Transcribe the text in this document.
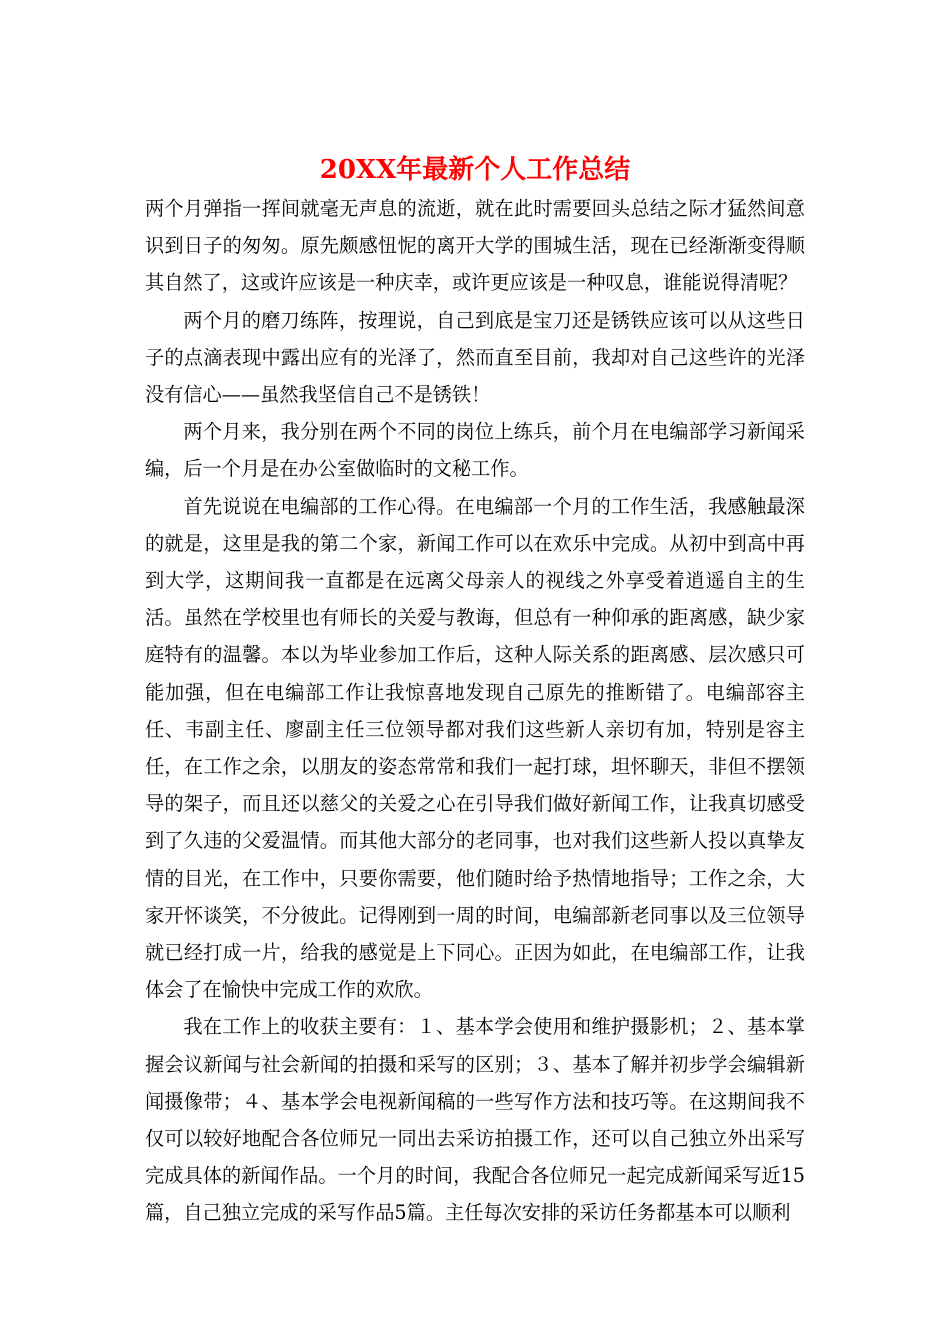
20XX年最新个人工作总结

两个月弹指一挥间就毫无声息的流逝，就在此时需要回头总结之际才猛然间意识到日子的匆匆。原先颇感忸怩的离开大学的围城生活，现在已经渐渐变得顺其自然了，这或许应该是一种庆幸，或许更应该是一种叹息，谁能说得清呢？

两个月的磨刀练阵，按理说，自己到底是宝刀还是锈铁应该可以从这些日子的点滴表现中露出应有的光泽了，然而直至目前，我却对自己这些许的光泽没有信心——虽然我坚信自己不是锈铁！

两个月来，我分别在两个不同的岗位上练兵，前个月在电编部学习新闻采编，后一个月是在办公室做临时的文秘工作。

首先说说在电编部的工作心得。在电编部一个月的工作生活，我感触最深的就是，这里是我的第二个家，新闻工作可以在欢乐中完成。从初中到高中再到大学，这期间我一直都是在远离父母亲人的视线之外享受着逍遥自主的生活。虽然在学校里也有师长的关爱与教诲，但总有一种仰承的距离感，缺少家庭特有的温馨。本以为毕业参加工作后，这种人际关系的距离感、层次感只可能加强，但在电编部工作让我惊喜地发现自己原先的推断错了。电编部容主任、韦副主任、廖副主任三位领导都对我们这些新人亲切有加，特别是容主任，在工作之余，以朋友的姿态常常和我们一起打球，坦怀聊天，非但不摆领导的架子，而且还以慈父的关爱之心在引导我们做好新闻工作，让我真切感受到了久违的父爱温情。而其他大部分的老同事，也对我们这些新人投以真挚友情的目光，在工作中，只要你需要，他们随时给予热情地指导；工作之余，大家开怀谈笑，不分彼此。记得刚到一周的时间，电编部新老同事以及三位领导就已经打成一片，给我的感觉是上下同心。正因为如此，在电编部工作，让我体会了在愉快中完成工作的欢欣。

我在工作上的收获主要有：１、基本学会使用和维护摄影机；２、基本掌握会议新闻与社会新闻的拍摄和采写的区别；３、基本了解并初步学会编辑新闻摄像带；４、基本学会电视新闻稿的一些写作方法和技巧等。在这期间我不仅可以较好地配合各位师兄一同出去采访拍摄工作，还可以自己独立外出采写完成具体的新闻作品。一个月的时间，我配合各位师兄一起完成新闻采写近15篇，自己独立完成的采写作品5篇。主任每次安排的采访任务都基本可以顺利
